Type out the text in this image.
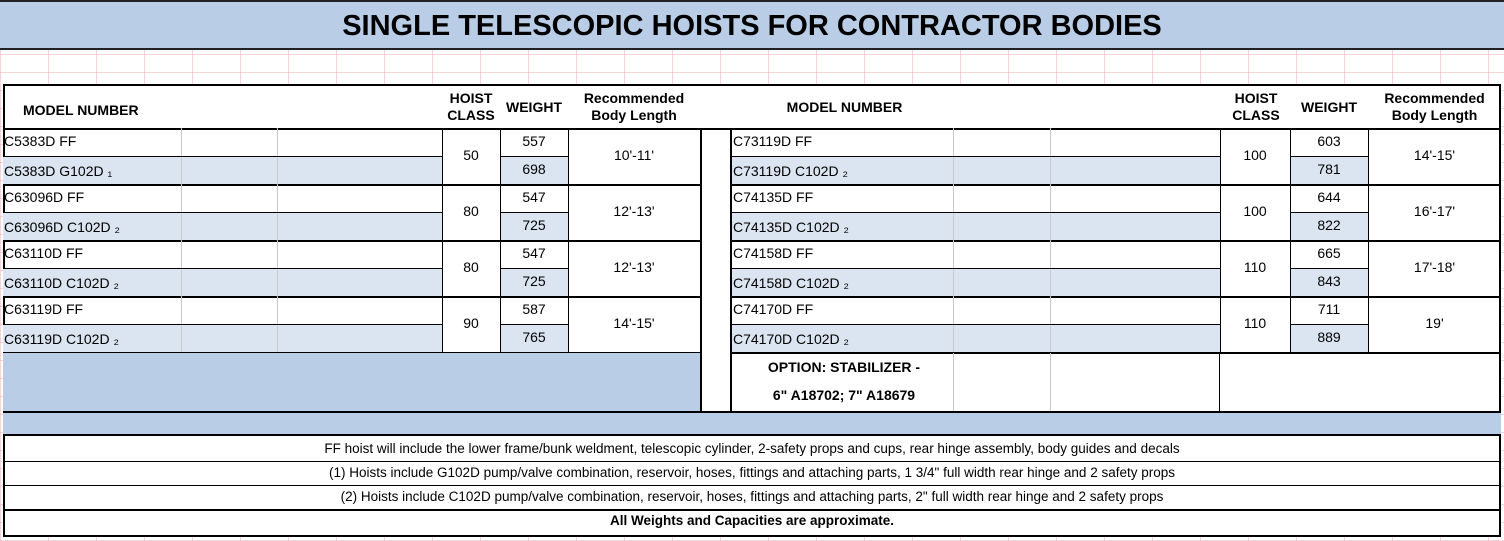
SINGLE TELESCOPIC HOISTS FOR CONTRACTOR BODIES
MODEL NUMBER
HOIST
CLASS
WEIGHT
Recommended
Body Length
MODEL NUMBER
HOIST
CLASS
WEIGHT
Recommended
Body Length
C5383D FF
C5383D G102D ₁
50
557
698
10'-11'
C63096D FF
C63096D C102D ₂
80
547
725
12'-13'
C63110D FF
C63110D C102D ₂
80
547
725
12'-13'
C63119D FF
C63119D C102D ₂
90
587
765
14'-15'
C73119D FF
C73119D C102D ₂
100
603
781
14'-15'
C74135D FF
C74135D C102D ₂
100
644
822
16'-17'
C74158D FF
C74158D C102D ₂
110
665
843
17'-18'
C74170D FF
C74170D C102D ₂
110
711
889
19'
OPTION: STABILIZER -
6" A18702; 7" A18679
FF hoist will include the lower frame/bunk weldment, telescopic cylinder, 2-safety props and cups, rear hinge assembly, body guides and decals
(1) Hoists include G102D pump/valve combination, reservoir, hoses, fittings and attaching parts, 1 3/4" full width rear hinge and 2 safety props
(2) Hoists include C102D pump/valve combination, reservoir, hoses, fittings and attaching parts, 2" full width rear hinge and 2 safety props
All Weights and Capacities are approximate.
